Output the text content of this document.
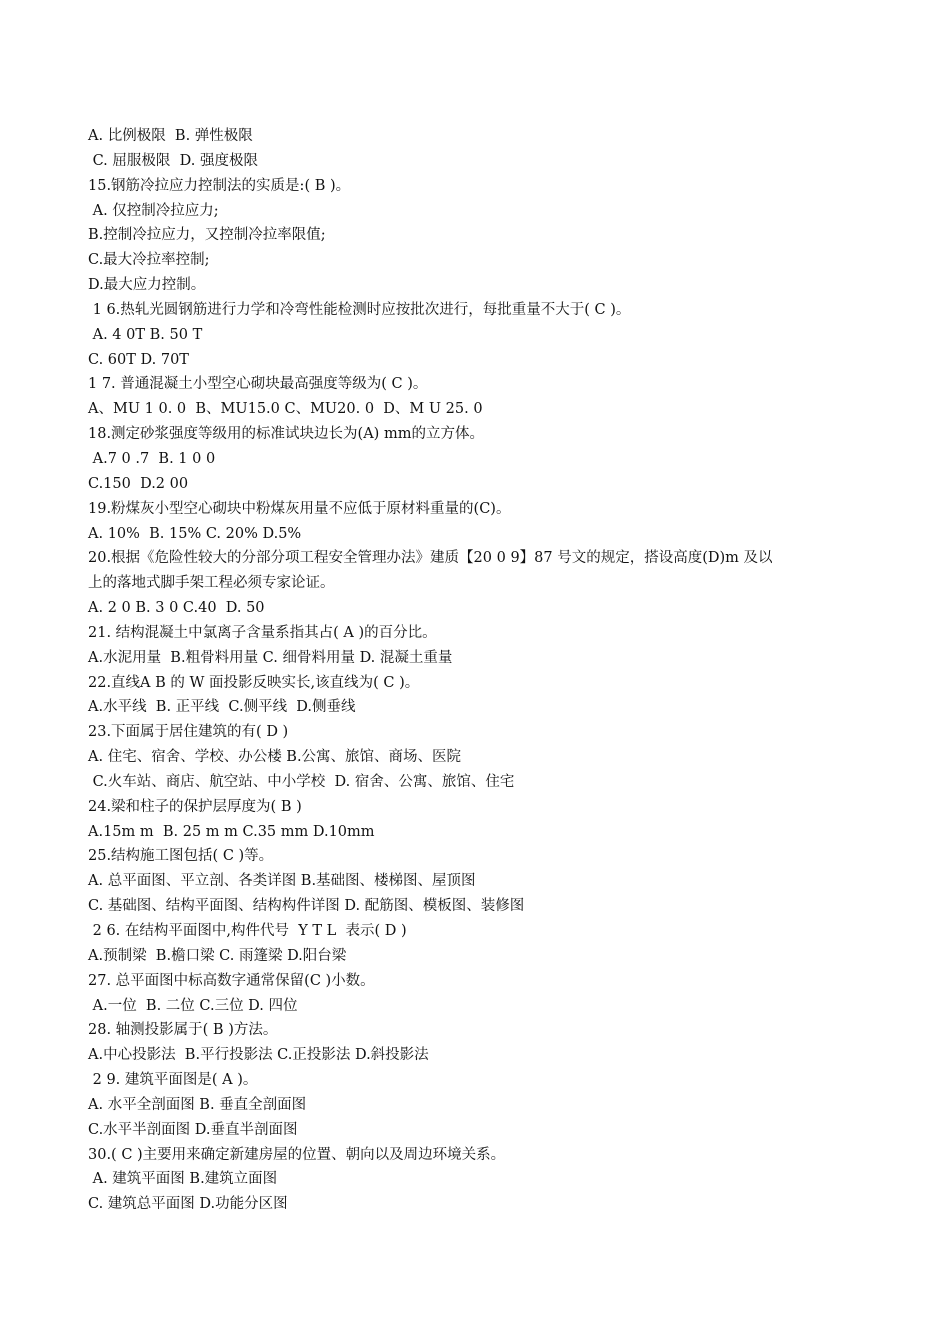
A. 比例极限  B. 弹性极限
C. 屈服极限  D. 强度极限
15.钢筋冷拉应力控制法的实质是:( B )。
A. 仅控制冷拉应力;
B.控制冷拉应力，又控制冷拉率限值;
C.最大冷拉率控制;
D.最大应力控制。
1 6.热轧光圆钢筋进行力学和冷弯性能检测时应按批次进行，每批重量不大于( C )。
A. 4 0T B. 50 T
C. 60T D. 70T
1 7. 普通混凝土小型空心砌块最高强度等级为( C )。
A、MU 1 0. 0  B、MU15.0 C、MU20. 0  D、M U 25. 0
18.测定砂浆强度等级用的标准试块边长为(A) mm的立方体。
A.7 0 .7  B. 1 0 0
C.150  D.2 00
19.粉煤灰小型空心砌块中粉煤灰用量不应低于原材料重量的(C)。
A. 10%  B. 15% C. 20% D.5%
20.根据《危险性较大的分部分项工程安全管理办法》建质【20 0 9】87 号文的规定，搭设高度(D)m 及以
上的落地式脚手架工程必须专家论证。
A. 2 0 B. 3 0 C.40  D. 50
21. 结构混凝土中氯离子含量系指其占( A )的百分比。
A.水泥用量  B.粗骨料用量 C. 细骨料用量 D. 混凝土重量
22.直线A B 的 W 面投影反映实长,该直线为( C )。
A.水平线  B. 正平线  C.侧平线  D.侧垂线
23.下面属于居住建筑的有( D )
A. 住宅、宿舍、学校、办公楼 B.公寓、旅馆、商场、医院
C.火车站、商店、航空站、中小学校  D. 宿舍、公寓、旅馆、住宅
24.梁和柱子的保护层厚度为( B )
A.15m m  B. 25 m m C.35 mm D.10mm
25.结构施工图包括( C )等。
A. 总平面图、平立剖、各类详图 B.基础图、楼梯图、屋顶图
C. 基础图、结构平面图、结构构件详图 D. 配筋图、模板图、装修图
2 6. 在结构平面图中,构件代号  Y T L  表示( D )
A.预制梁  B.檐口梁 C. 雨篷梁 D.阳台梁
27. 总平面图中标高数字通常保留(C )小数。
A.一位  B. 二位 C.三位 D. 四位
28. 轴测投影属于( B )方法。
A.中心投影法  B.平行投影法 C.正投影法 D.斜投影法
2 9. 建筑平面图是( A )。
A. 水平全剖面图 B. 垂直全剖面图
C.水平半剖面图 D.垂直半剖面图
30.( C )主要用来确定新建房屋的位置、朝向以及周边环境关系。
A. 建筑平面图 B.建筑立面图
C. 建筑总平面图 D.功能分区图
